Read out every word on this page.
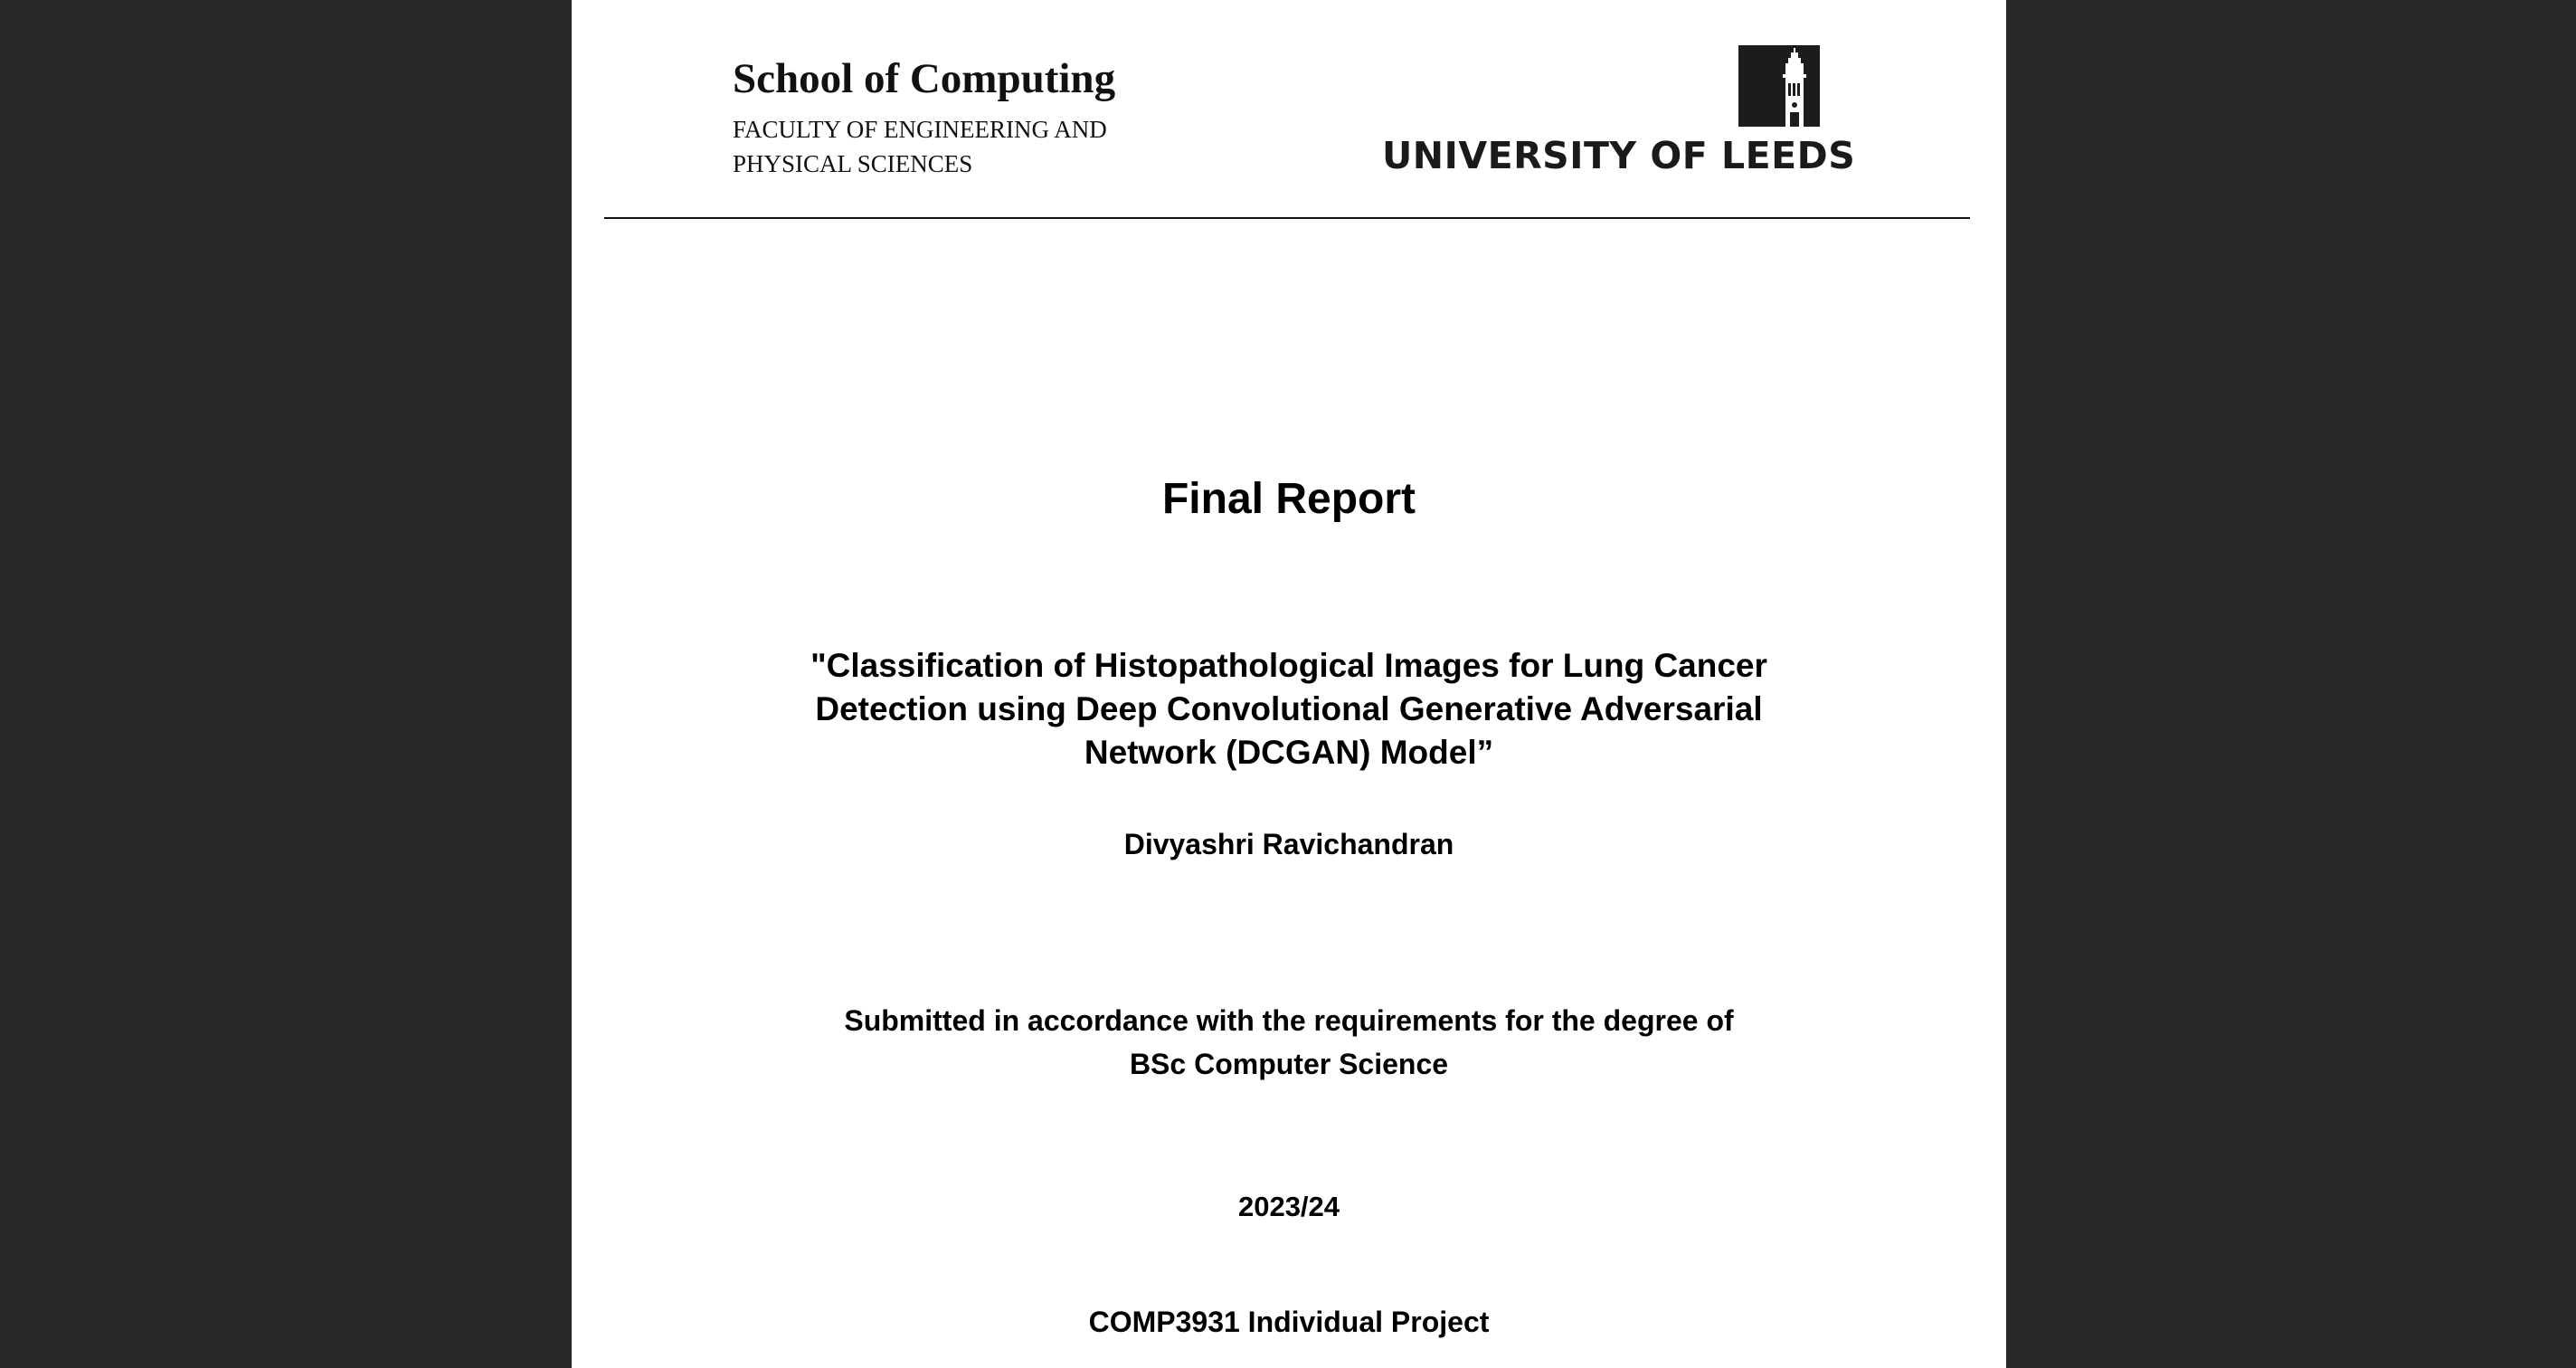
School of Computing
FACULTY OF ENGINEERING AND
PHYSICAL SCIENCES	UNIVERSITY OF LEEDS
Final Report
"Classification of Histopathological Images for Lung Cancer
Detection using Deep Convolutional Generative Adversarial
Network (DCGAN) Model”
Divyashri Ravichandran
Submitted in accordance with the requirements for the degree of
BSc Computer Science
2023/24
COMP3931 Individual Project
